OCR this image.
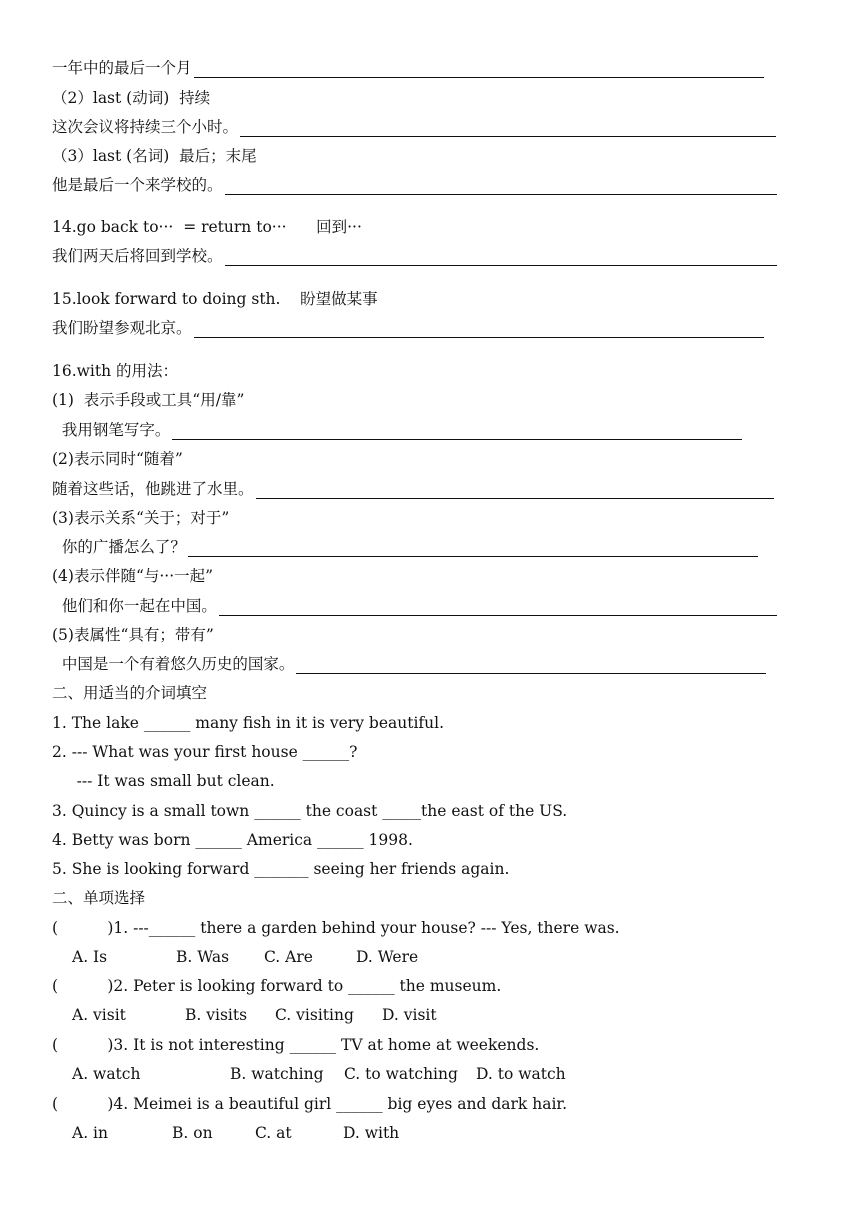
一年中的最后一个月
（2）last (动词)  持续
这次会议将持续三个小时。
（3）last (名词)  最后；末尾
他是最后一个来学校的。
14.go back to···  = return to···      回到···
我们两天后将回到学校。
15.look forward to doing sth.    盼望做某事
我们盼望参观北京。
16.with 的用法：
(1)  表示手段或工具“用/靠”
我用钢笔写字。
(2)表示同时“随着”
随着这些话，他跳进了水里。
(3)表示关系“关于；对于”
你的广播怎么了？
(4)表示伴随“与···一起”
他们和你一起在中国。
(5)表属性“具有；带有”
中国是一个有着悠久历史的国家。
二、用适当的介词填空
1. The lake ______ many fish in it is very beautiful.
2. --- What was your first house ______?
--- It was small but clean.
3. Quincy is a small town ______ the coast _____the east of the US.
4. Betty was born ______ America ______ 1998.
5. She is looking forward _______ seeing her friends again.
二、单项选择
(          )1. ---______ there a garden behind your house? --- Yes, there was.
A. Is	B. Was C. Are	D. Were

(          )2. Peter is looking forward to ______ the museum.
A. visit	B. visits C. visiting D. visit

(          )3. It is not interesting ______ TV at home at weekends.
A. watch	B. watching C. to watching D. to watch

(          )4. Meimei is a beautiful girl ______ big eyes and dark hair.
A. in	B. on	C. at	D. with
